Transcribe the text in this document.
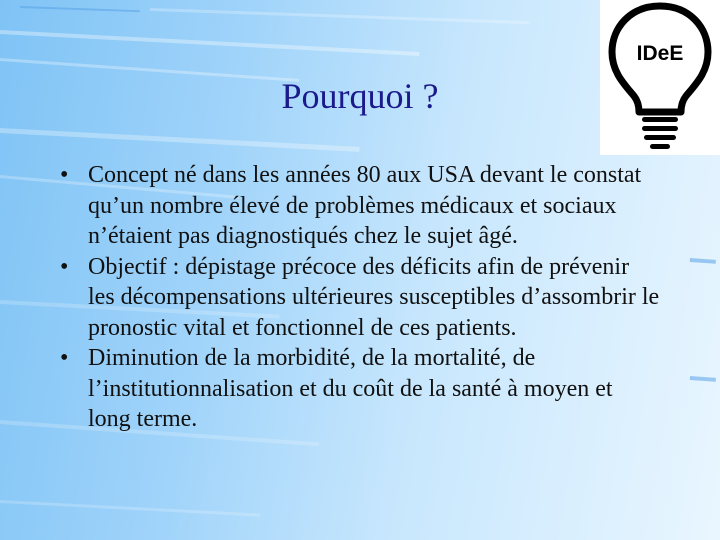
IDeE
Pourquoi ?
• Concept né dans les années 80 aux USA devant le constat qu’un nombre élevé de problèmes médicaux et sociaux n’étaient pas diagnostiqués chez le sujet âgé.
• Objectif : dépistage précoce des déficits afin de prévenir les décompensations ultérieures susceptibles d’assombrir le pronostic vital et fonctionnel de ces patients.
• Diminution de la morbidité, de la mortalité, de l’institutionnalisation et du coût de la santé à moyen et long terme.
